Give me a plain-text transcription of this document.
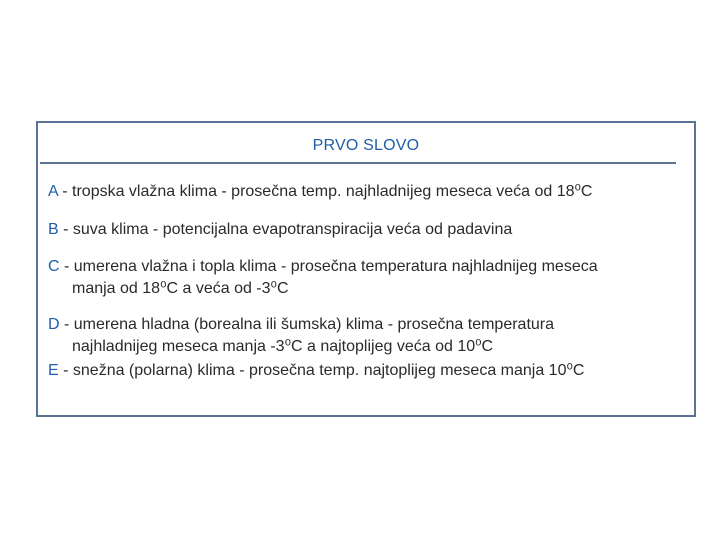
PRVO SLOVO
A - tropska vlažna klima - prosečna temp. najhladnijeg meseca veća od 18⁰C
B - suva klima - potencijalna evapotranspiracija veća od padavina
C - umerena vlažna i topla klima - prosečna temperatura najhladnijeg meseca
manja od 18⁰C a veća od -3⁰C
D - umerena hladna (borealna ili šumska) klima - prosečna temperatura
najhladnijeg meseca manja -3⁰C a najtoplijeg veća od 10⁰C
E - snežna (polarna) klima - prosečna temp. najtoplijeg meseca manja 10⁰C
